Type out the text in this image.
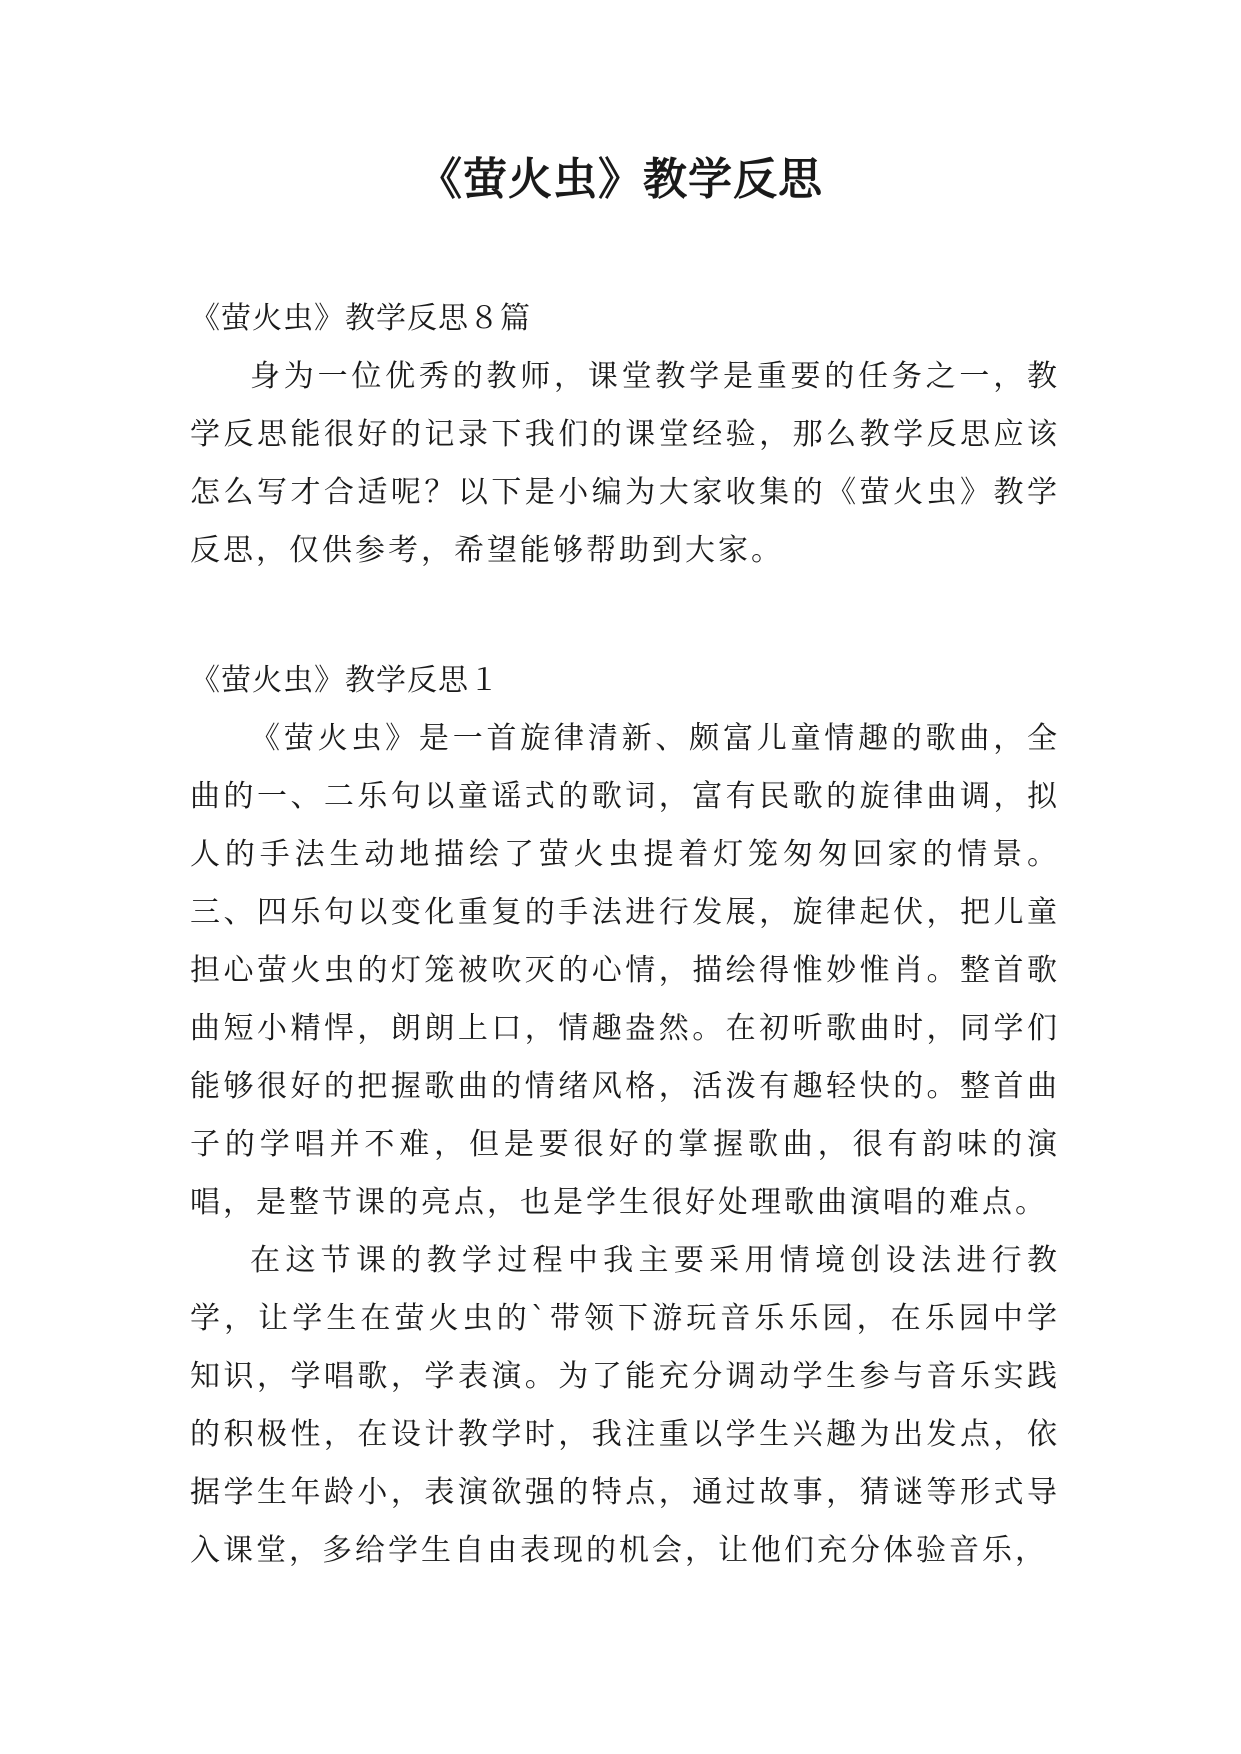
《萤火虫》教学反思

《萤火虫》教学反思８篇

身为一位优秀的教师，课堂教学是重要的任务之一，教学反思能很好的记录下我们的课堂经验，那么教学反思应该怎么写才合适呢？以下是小编为大家收集的《萤火虫》教学反思，仅供参考，希望能够帮助到大家。

《萤火虫》教学反思１

《萤火虫》是一首旋律清新、颇富儿童情趣的歌曲，全曲的一、二乐句以童谣式的歌词，富有民歌的旋律曲调，拟人的手法生动地描绘了萤火虫提着灯笼匆匆回家的情景。三、四乐句以变化重复的手法进行发展，旋律起伏，把儿童担心萤火虫的灯笼被吹灭的心情，描绘得惟妙惟肖。整首歌曲短小精悍，朗朗上口，情趣盎然。在初听歌曲时，同学们能够很好的把握歌曲的情绪风格，活泼有趣轻快的。整首曲子的学唱并不难，但是要很好的掌握歌曲，很有韵味的演唱，是整节课的亮点，也是学生很好处理歌曲演唱的难点。

在这节课的教学过程中我主要采用情境创设法进行教学，让学生在萤火虫的`带领下游玩音乐乐园，在乐园中学知识，学唱歌，学表演。为了能充分调动学生参与音乐实践的积极性，在设计教学时，我注重以学生兴趣为出发点，依据学生年龄小，表演欲强的特点，通过故事，猜谜等形式导入课堂，多给学生自由表现的机会，让他们充分体验音乐，
